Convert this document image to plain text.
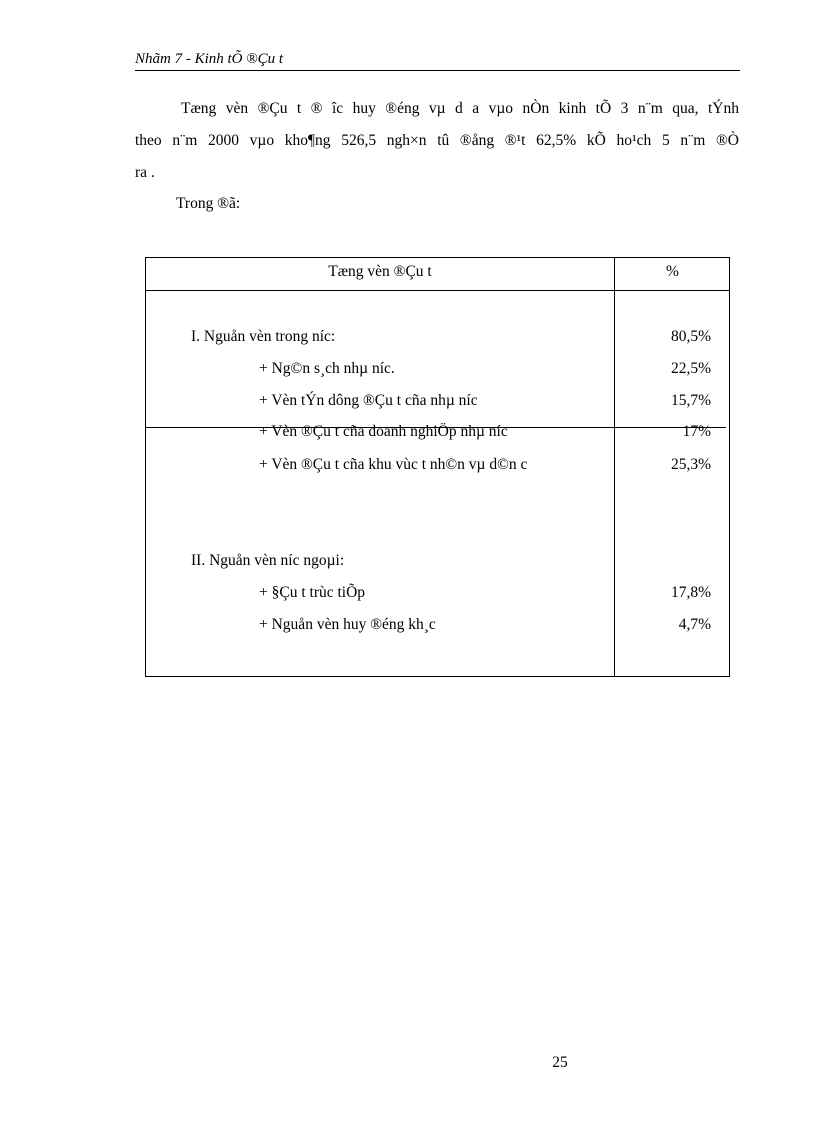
Nhãm 7 - Kinh tÕ ®Çu t

Tæng vèn ®Çu t ® îc huy ®éng vµ d a vµo nÒn kinh tÕ 3 n¨m qua, tÝnh
theo n¨m 2000 vµo kho¶ng 526,5 ngh×n tû ®ång ®¹t 62,5% kÕ ho¹ch 5 n¨m ®Ò
ra .

Trong ®ã:
Tæng vèn ®Çu t	%
I. Nguån vèn trong níc:	80,5%
+ Ng©n s¸ch nhµ níc.	22,5%
+ Vèn tÝn dông ®Çu t cña nhµ níc	15,7%
+ Vèn ®Çu t cña doanh nghiÖp nhµ níc	17%
+ Vèn ®Çu t cña khu vùc t nh©n vµ d©n c	25,3%
II. Nguån vèn níc ngoµi:
+ §Çu t trùc tiÕp	17,8%
+ Nguån vèn huy ®éng kh¸c	4,7%
25
